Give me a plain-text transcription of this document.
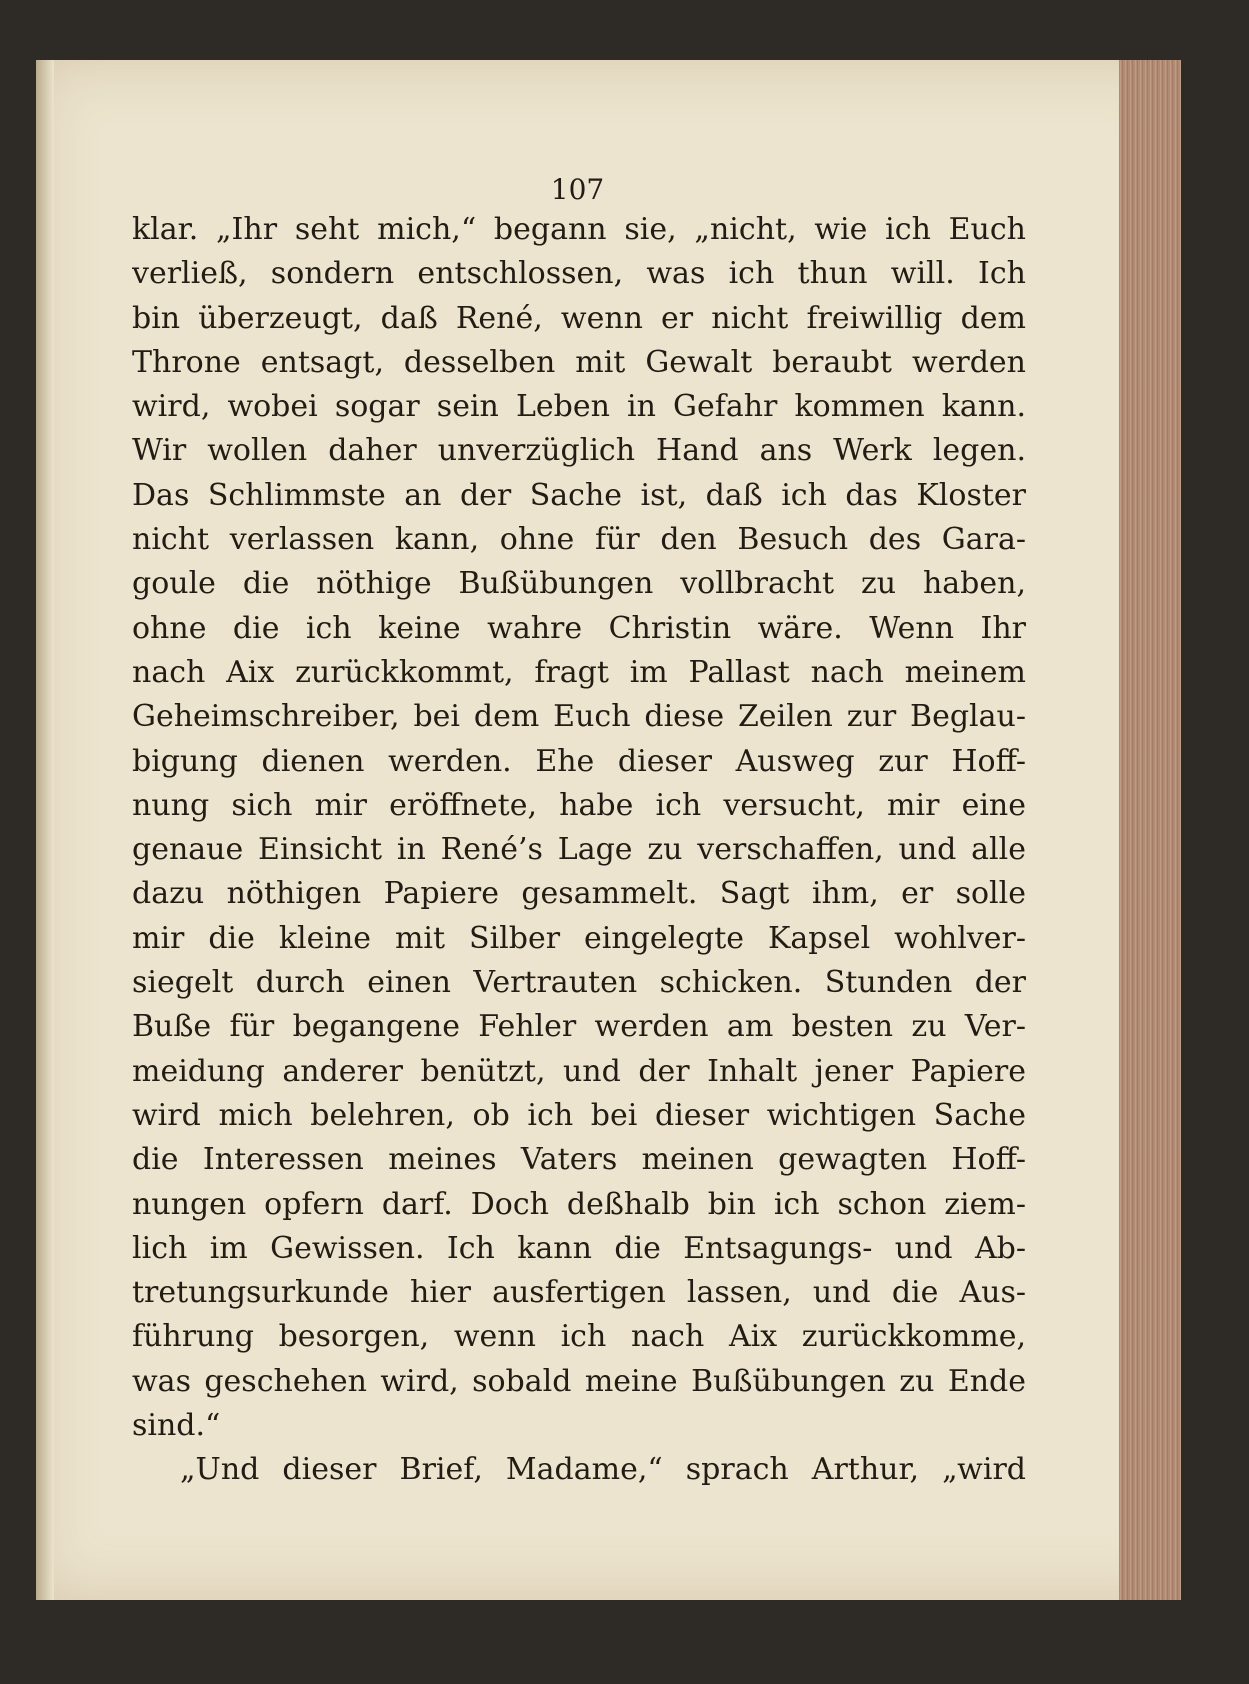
107

klar. „Ihr seht mich,“ begann sie, „nicht, wie ich Euch
verließ, sondern entschlossen, was ich thun will. Ich
bin überzeugt, daß René, wenn er nicht freiwillig dem
Throne entsagt, desselben mit Gewalt beraubt werden
wird, wobei sogar sein Leben in Gefahr kommen kann.
Wir wollen daher unverzüglich Hand ans Werk legen.
Das Schlimmste an der Sache ist, daß ich das Kloster
nicht verlassen kann, ohne für den Besuch des Gara-
goule die nöthige Bußübungen vollbracht zu haben,
ohne die ich keine wahre Christin wäre. Wenn Ihr
nach Aix zurückkommt, fragt im Pallast nach meinem
Geheimschreiber, bei dem Euch diese Zeilen zur Beglau-
bigung dienen werden. Ehe dieser Ausweg zur Hoff-
nung sich mir eröffnete, habe ich versucht, mir eine
genaue Einsicht in René’s Lage zu verschaffen, und alle
dazu nöthigen Papiere gesammelt. Sagt ihm, er solle
mir die kleine mit Silber eingelegte Kapsel wohlver-
siegelt durch einen Vertrauten schicken. Stunden der
Buße für begangene Fehler werden am besten zu Ver-
meidung anderer benützt, und der Inhalt jener Papiere
wird mich belehren, ob ich bei dieser wichtigen Sache
die Interessen meines Vaters meinen gewagten Hoff-
nungen opfern darf. Doch deßhalb bin ich schon ziem-
lich im Gewissen. Ich kann die Entsagungs- und Ab-
tretungsurkunde hier ausfertigen lassen, und die Aus-
führung besorgen, wenn ich nach Aix zurückkomme,
was geschehen wird, sobald meine Bußübungen zu Ende
sind.“
„Und dieser Brief, Madame,“ sprach Arthur, „wird
